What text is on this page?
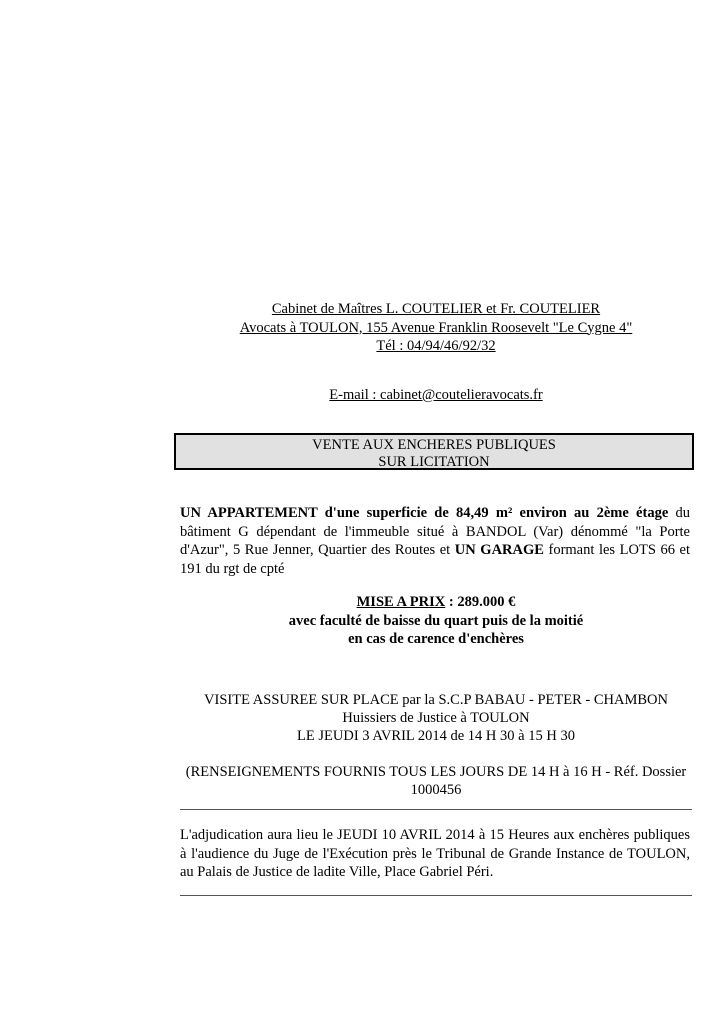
Cabinet de Maîtres L. COUTELIER et Fr. COUTELIER
Avocats à TOULON, 155 Avenue Franklin Roosevelt "Le Cygne 4"
Tél : 04/94/46/92/32
E-mail : cabinet@coutelieravocats.fr
VENTE AUX ENCHERES PUBLIQUES
SUR LICITATION
UN APPARTEMENT d'une superficie de 84,49 m² environ au 2ème étage du bâtiment G dépendant de l'immeuble situé à BANDOL (Var) dénommé "la Porte d'Azur", 5 Rue Jenner, Quartier des Routes et UN GARAGE formant les LOTS 66 et 191 du rgt de cpté
MISE A PRIX : 289.000 €
avec faculté de baisse du quart puis de la moitié
en cas de carence d'enchères
VISITE ASSUREE SUR PLACE par la S.C.P BABAU - PETER - CHAMBON
Huissiers de Justice à TOULON
LE JEUDI 3 AVRIL 2014 de 14 H 30 à 15 H 30
(RENSEIGNEMENTS FOURNIS TOUS LES JOURS DE 14 H à 16 H - Réf. Dossier 1000456
L'adjudication aura lieu le JEUDI 10 AVRIL 2014 à 15 Heures aux enchères publiques à l'audience du Juge de l'Exécution près le Tribunal de Grande Instance de TOULON, au Palais de Justice de ladite Ville, Place Gabriel Péri.
